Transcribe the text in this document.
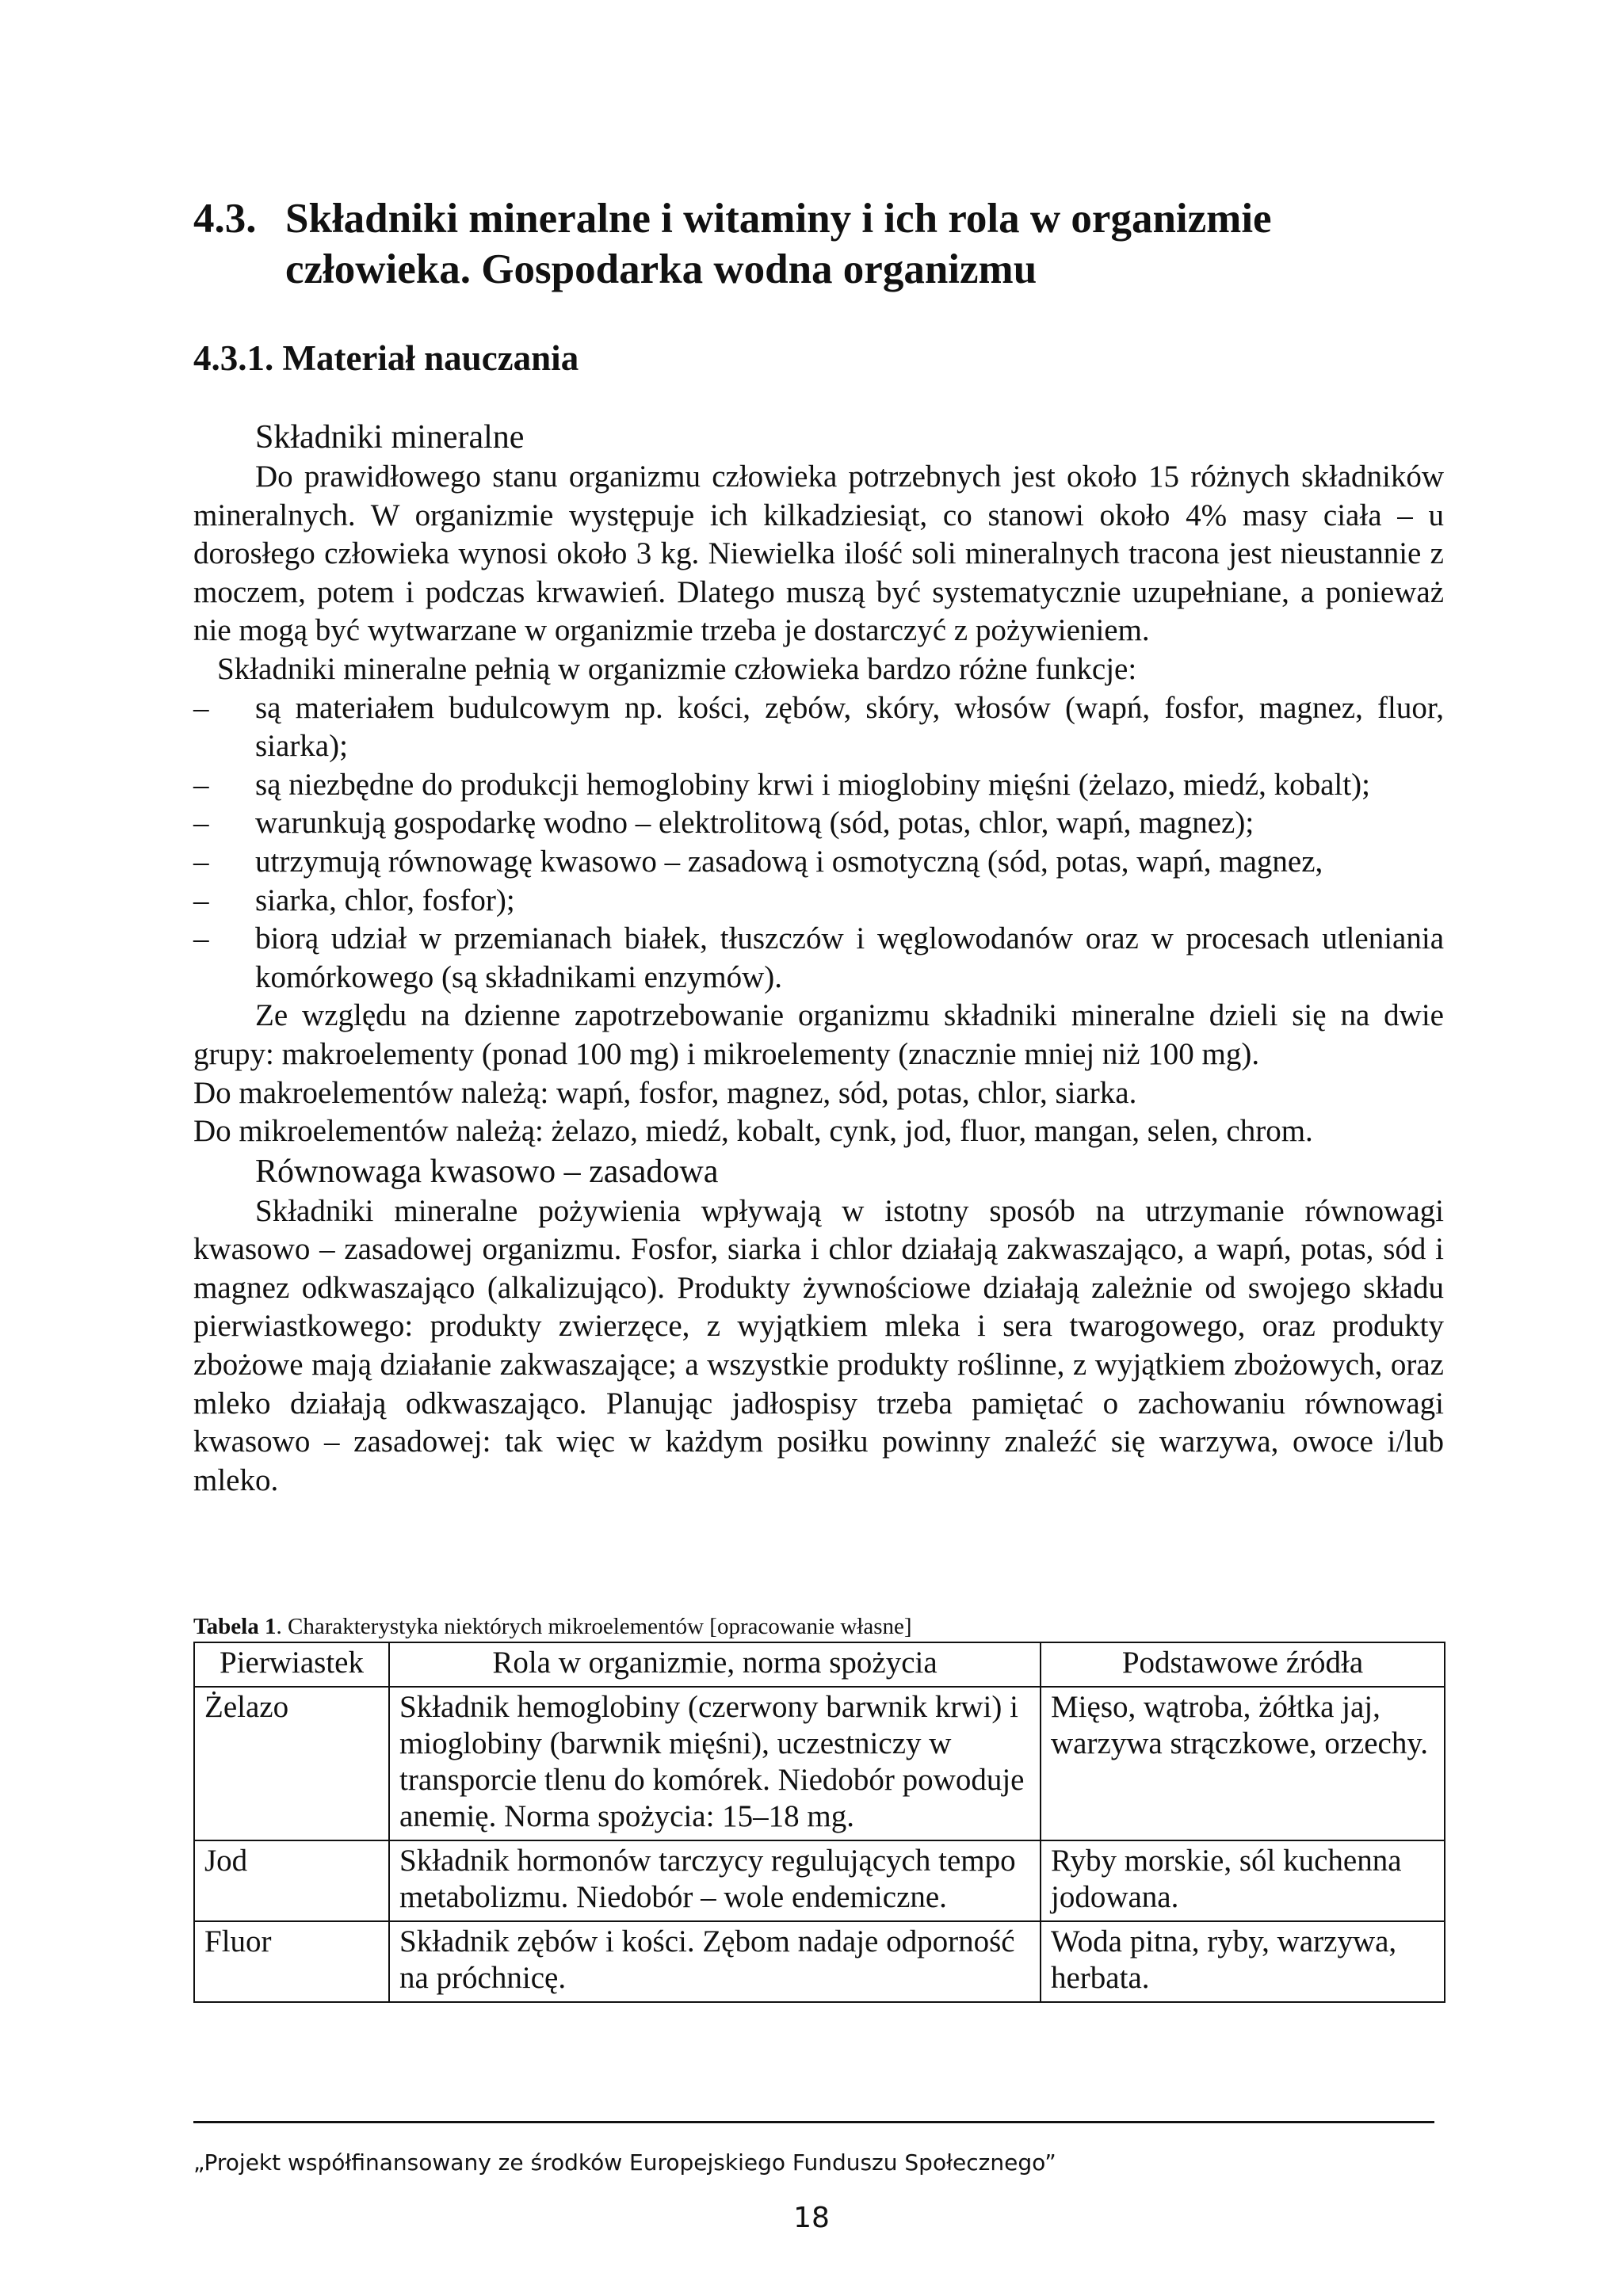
4.3. Składniki mineralne i witaminy i ich rola w organizmie
człowieka. Gospodarka wodna organizmu
4.3.1. Materiał nauczania

Składniki mineralne

Do prawidłowego stanu organizmu człowieka potrzebnych jest około 15 różnych składników mineralnych. W organizmie występuje ich kilkadziesiąt, co stanowi około 4% masy ciała – u dorosłego człowieka wynosi około 3 kg. Niewielka ilość soli mineralnych tracona jest nieustannie z moczem, potem i podczas krwawień. Dlatego muszą być systematycznie uzupełniane, a ponieważ nie mogą być wytwarzane w organizmie trzeba je dostarczyć z pożywieniem.

Składniki mineralne pełnią w organizmie człowieka bardzo różne funkcje:

– są materiałem budulcowym np. kości, zębów, skóry, włosów (wapń, fosfor, magnez, fluor, siarka);
– są niezbędne do produkcji hemoglobiny krwi i mioglobiny mięśni (żelazo, miedź, kobalt);
– warunkują gospodarkę wodno – elektrolitową (sód, potas, chlor, wapń, magnez);
– utrzymują równowagę kwasowo – zasadową i osmotyczną (sód, potas, wapń, magnez,
– siarka, chlor, fosfor);
– biorą udział w przemianach białek, tłuszczów i węglowodanów oraz w procesach utleniania komórkowego (są składnikami enzymów).

Ze względu na dzienne zapotrzebowanie organizmu składniki mineralne dzieli się na dwie grupy: makroelementy (ponad 100 mg) i mikroelementy (znacznie mniej niż 100 mg).

Do makroelementów należą: wapń, fosfor, magnez, sód, potas, chlor, siarka.

Do mikroelementów należą: żelazo, miedź, kobalt, cynk, jod, fluor, mangan, selen, chrom.

Równowaga kwasowo – zasadowa

Składniki mineralne pożywienia wpływają w istotny sposób na utrzymanie równowagi kwasowo – zasadowej organizmu. Fosfor, siarka i chlor działają zakwaszająco, a wapń, potas, sód i magnez odkwaszająco (alkalizująco). Produkty żywnościowe działają zależnie od swojego składu pierwiastkowego: produkty zwierzęce, z wyjątkiem mleka i sera twarogowego, oraz produkty zbożowe mają działanie zakwaszające; a wszystkie produkty roślinne, z wyjątkiem zbożowych, oraz mleko działają odkwaszająco. Planując jadłospisy trzeba pamiętać o zachowaniu równowagi kwasowo – zasadowej: tak więc w każdym posiłku powinny znaleźć się warzywa, owoce i/lub mleko.

Tabela 1. Charakterystyka niektórych mikroelementów [opracowanie własne]

Pierwiastek	Rola w organizmie, norma spożycia	Podstawowe źródła
Żelazo	Składnik hemoglobiny (czerwony barwnik krwi) i mioglobiny (barwnik mięśni), uczestniczy w transporcie tlenu do komórek. Niedobór powoduje anemię. Norma spożycia: 15–18 mg.	Mięso, wątroba, żółtka jaj, warzywa strączkowe, orzechy.
Jod	Składnik hormonów tarczycy regulujących tempo metabolizmu. Niedobór – wole endemiczne.	Ryby morskie, sól kuchenna jodowana.
Fluor	Składnik zębów i kości. Zębom nadaje odporność na próchnicę.	Woda pitna, ryby, warzywa, herbata.
„Projekt współfinansowany ze środków Europejskiego Funduszu Społecznego”
18
